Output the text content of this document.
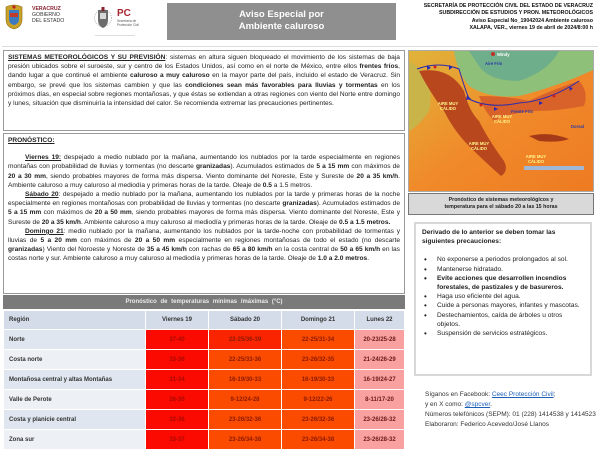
VERACRUZ
GOBIERNO
DEL ESTADO
PC
Secretaría de
Protección Civil
Aviso Especial por
Ambiente caluroso
SECRETARÍA DE PROTECCIÓN CIVIL DEL ESTADO DE VERACRUZ
SUBDIRECCIÓN DE ESTUDIOS Y PRON. METEOROLÓGICOS
Aviso Especial No_19042024 Ambiente caluroso
XALAPA, VER., viernes 19 de abril de 2024/8:00 h
SISTEMAS METEOROLÓGICOS Y SU PREVISIÓN: sistemas en altura siguen bloqueado el movimiento de los sistemas de baja presión ubicados sobre el suroeste, sur y centro de los Estados Unidos, así como en el norte de México, entre ellos frentes fríos, dando lugar a que continué el ambiente caluroso a muy caluroso en la mayor parte del país, incluido el estado de Veracruz. Sin embargo, se prevé que los sistemas cambien y que las condiciones sean más favorables para lluvias y tormentas en los próximos días, en especial sobre regiones montañosas, y que éstas se extiendan a otras regiones con viento del Norte entre domingo y lunes, situación que disminuiría la intensidad del calor. Se recomienda extremar las precauciones pertinentes.
PRONÓSTICO:

Viernes 19: despejado a medio nublado por la mañana, aumentando los nublados por la tarde especialmente en regiones montañas con probabilidad de lluvias y tormentas (no descarte granizadas). Acumulados estimados de 5 a 15 mm con máximos de 20 a 30 mm, siendo probables mayores de forma más dispersa. Viento dominante del Noreste, Este y Sureste de 20 a 35 km/h. Ambiente caluroso a muy caluroso al mediodía y primeras horas de la tarde. Oleaje de 0.5 a 1.5 metros.

Sábado 20: despejado a medio nublado por la mañana, aumentando los nublados por la tarde y primeras horas de la noche especialmente en regiones montañosas con probabilidad de lluvias y tormentas (no descarte granizadas). Acumulados estimados de 5 a 15 mm con máximos de 20 a 50 mm, siendo probables mayores de forma más dispersa. Viento dominante del Noreste, Este y Sureste de 20 a 35 km/h. Ambiente caluroso a muy caluroso al mediodía y primeras horas de la tarde. Oleaje de 0.5 a 1.5 metros.

Domingo 21: medio nublado por la mañana, aumentando los nublados por la tarde-noche con probabilidad de tormentas y lluvias de 5 a 20 mm con máximos de 20 a 50 mm especialmente en regiones montañosas de todo el estado (no descarte granizadas) Viento del Noroeste y Noreste de 35 a 45 km/h con rachas de 65 a 80 km/h en la costa central de 50 a 65 km/h en las costas norte y sur. Ambiente caluroso a muy caluroso al mediodía y primeras horas de la tarde. Oleaje de 1.0 a 2.0 metros.

Pronóstico de temperaturas mínimas /máximas (°C)
Región	Viernes 19	Sábado 20	Domingo 21	Lunes 22
Norte	37-40	22-25/36-39	22-25/31-34	20-23/25-28
Costa norte	33-36	22-25/33-36	23-26/32-35	21-24/26-29
Montañosa central y altas Montañas	31-34	16-19/30-33	16-19/30-33	16-19/24-27
Valle de Perote	26-30	9-12/24-28	9-12/22-26	8-11/17-20
Costa y planicie central	32-36	23-26/32-36	23-26/32-36	23-26/28-32
Zona sur	33-37	23-26/34-38	23-26/34-38	23-26/28-32
Windy
Aire Frío
AIRE MUY CÁLIDO
AIRE MUY CÁLIDO
AIRE MUY CÁLIDO
AIRE MUY CÁLIDO
Frente Frío
Dorsal
Pronóstico de sistemas meteorológicos y
temperatura para el sábado 20 a las 15 horas
Derivado de lo anterior se deben tomar las siguientes precauciones:
• No exponerse a periodos prolongados al sol.
• Mantenerse hidratado.
• Evite acciones que desarrollen incendios forestales, de pastizales y de basureros.
• Haga uso eficiente del agua.
• Cuide a personas mayores, infantes y mascotas.
• Destechamientos, caída de árboles u otros objetos.
• Suspensión de servicios estratégicos.
Síganos en Facebook: Ceec Protección Civil;
y en X como: @spcver.
Números telefónicos (SEPM): 01 (228) 1414538 y 1414523
Elaboraron: Federico Acevedo/José Llanos
